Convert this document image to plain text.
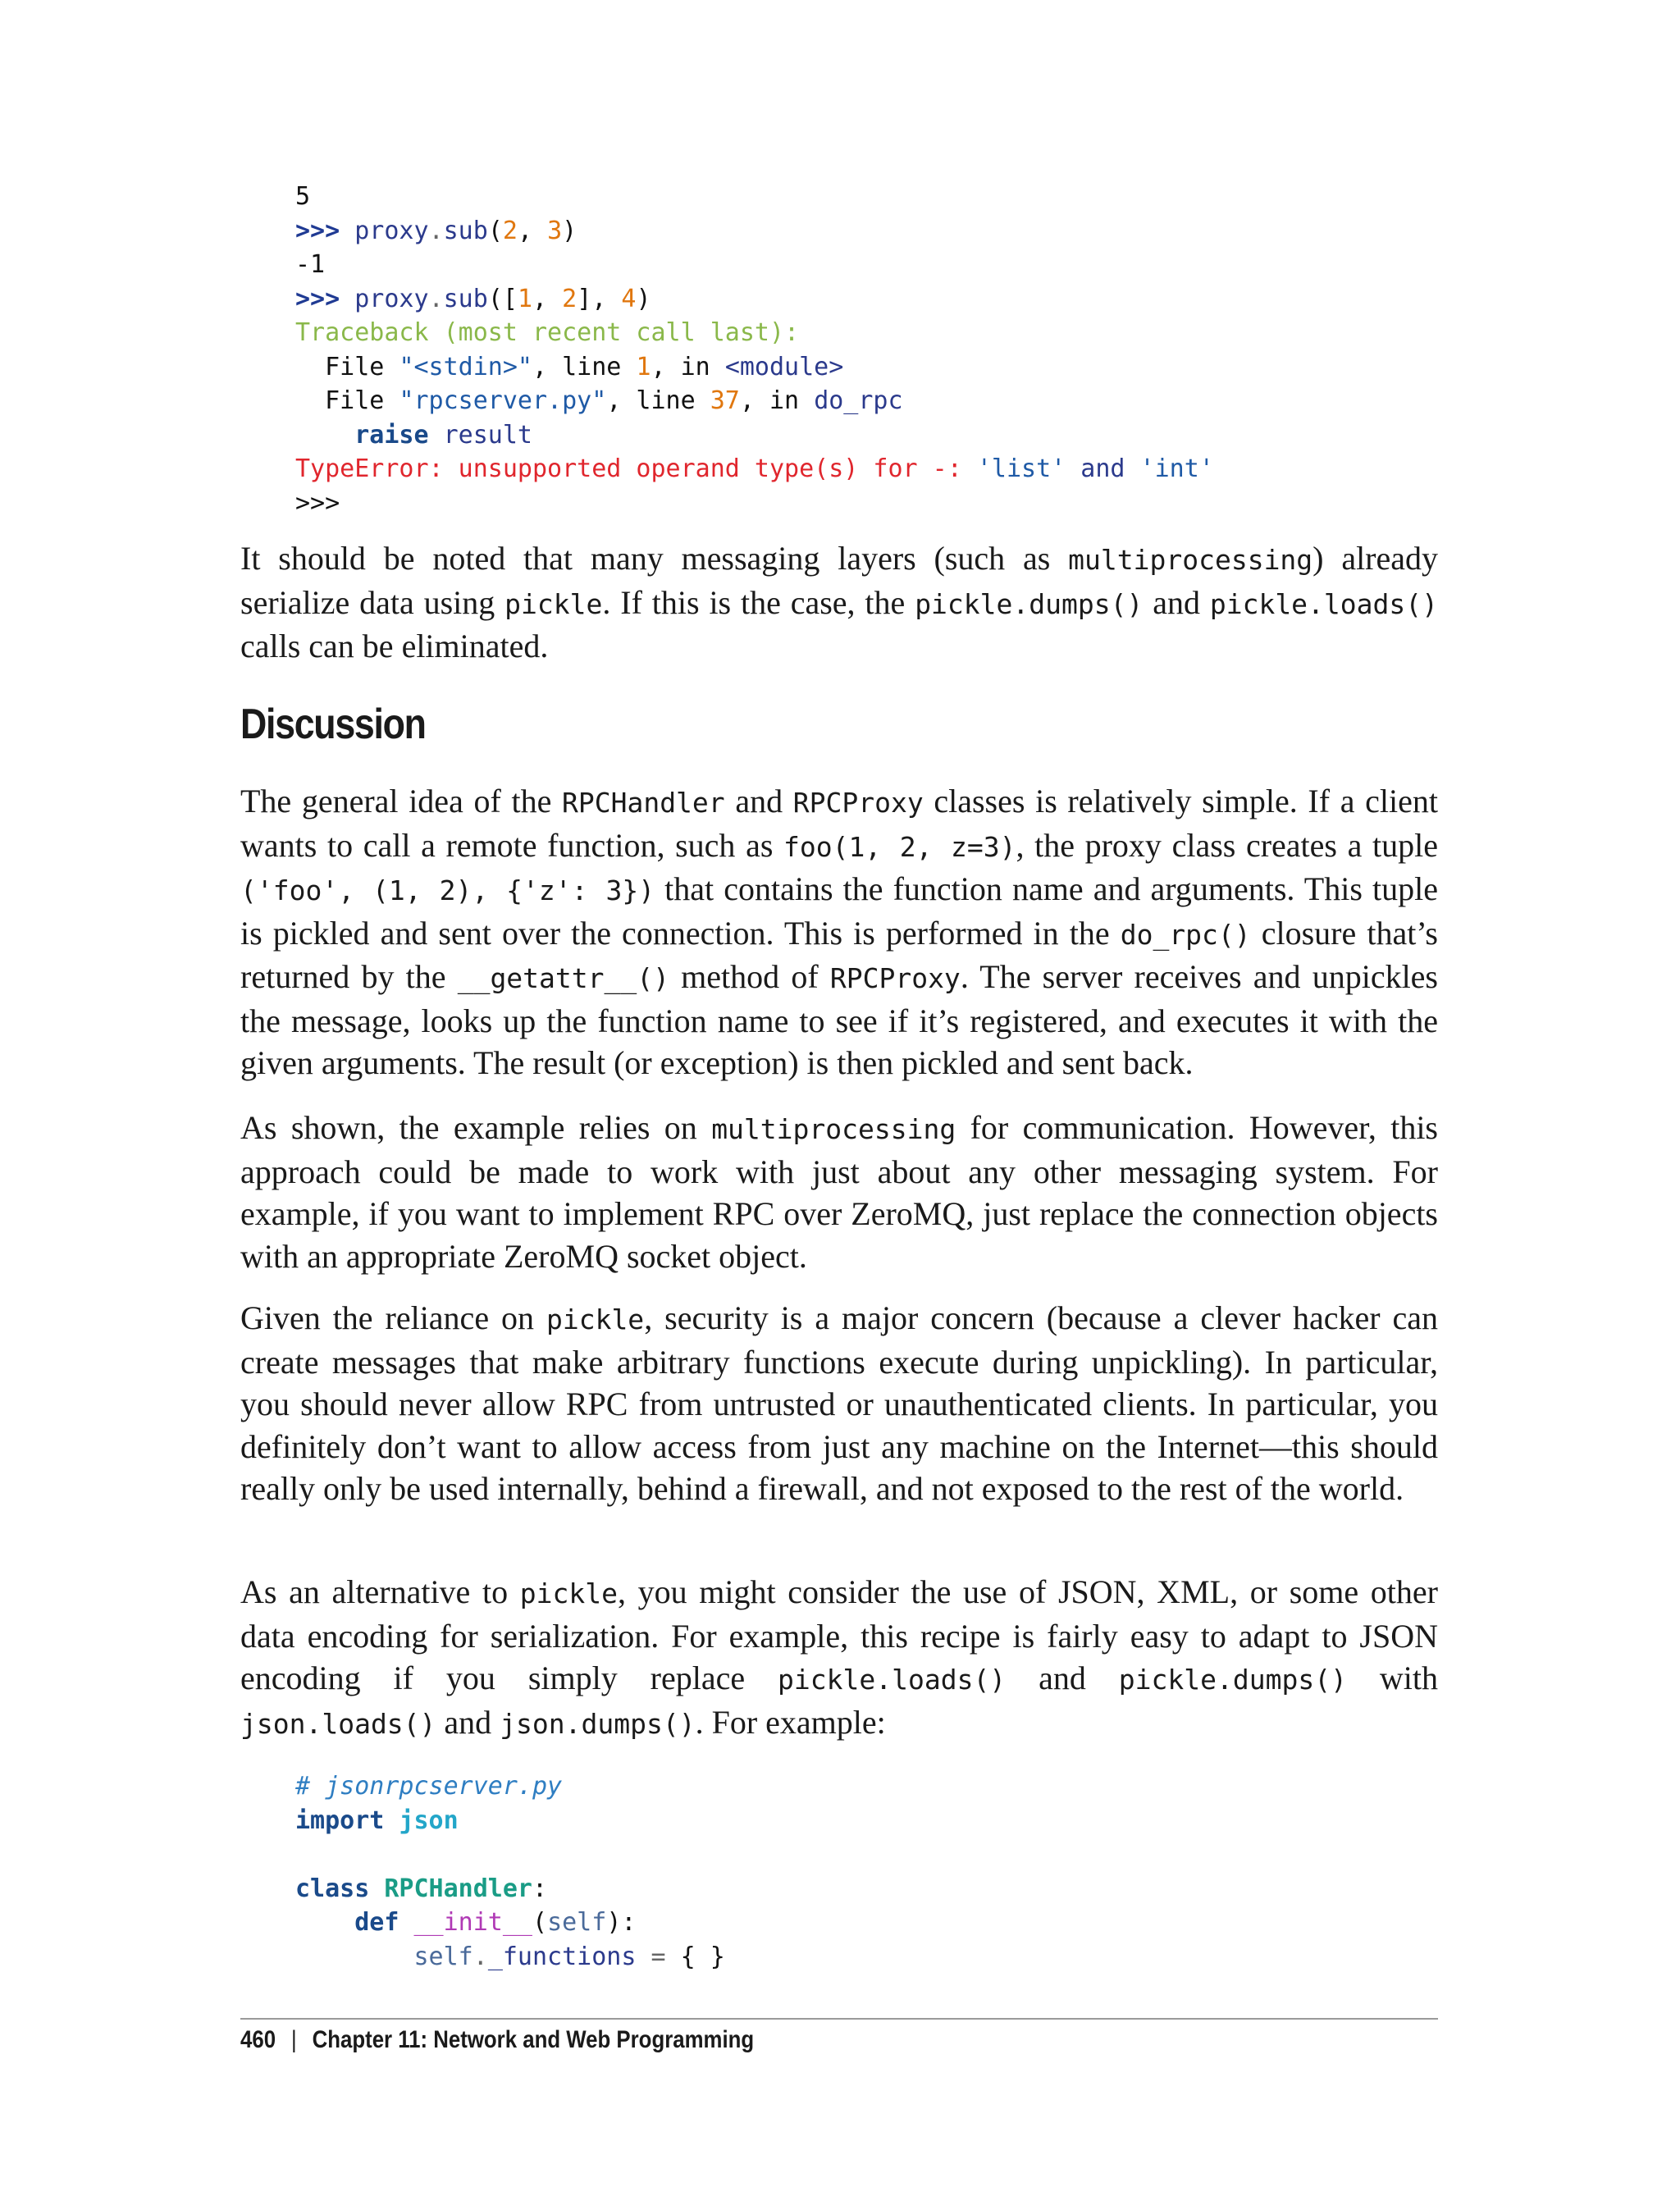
5
>>> proxy.sub(2, 3)
-1
>>> proxy.sub([1, 2], 4)
Traceback (most recent call last):
File "<stdin>", line 1, in <module>
File "rpcserver.py", line 37, in do_rpc
raise result
TypeError: unsupported operand type(s) for -: 'list' and 'int'
>>>

It should be noted that many messaging layers (such as multiprocessing) already serialize data using pickle. If this is the case, the pickle.dumps() and pickle.loads() calls can be eliminated.

Discussion

The general idea of the RPCHandler and RPCProxy classes is relatively simple. If a client wants to call a remote function, such as foo(1, 2, z=3), the proxy class creates a tuple ('foo', (1, 2), {'z': 3}) that contains the function name and arguments. This tuple is pickled and sent over the connection. This is performed in the do_rpc() closure that’s returned by the __getattr__() method of RPCProxy. The server receives and unpickles the message, looks up the function name to see if it’s registered, and executes it with the given arguments. The result (or exception) is then pickled and sent back.

As shown, the example relies on multiprocessing for communication. However, this approach could be made to work with just about any other messaging system. For example, if you want to implement RPC over ZeroMQ, just replace the connection objects with an appropriate ZeroMQ socket object.

Given the reliance on pickle, security is a major concern (because a clever hacker can create messages that make arbitrary functions execute during unpickling). In particular, you should never allow RPC from untrusted or unauthenticated clients. In particular, you definitely don’t want to allow access from just any machine on the Internet—this should really only be used internally, behind a firewall, and not exposed to the rest of the world.

As an alternative to pickle, you might consider the use of JSON, XML, or some other data encoding for serialization. For example, this recipe is fairly easy to adapt to JSON encoding if you simply replace pickle.loads() and pickle.dumps() with json.loads() and json.dumps(). For example:

# jsonrpcserver.py
import json
class RPCHandler:
def __init__(self):
self._functions = { }
460 | Chapter 11: Network and Web Programming
